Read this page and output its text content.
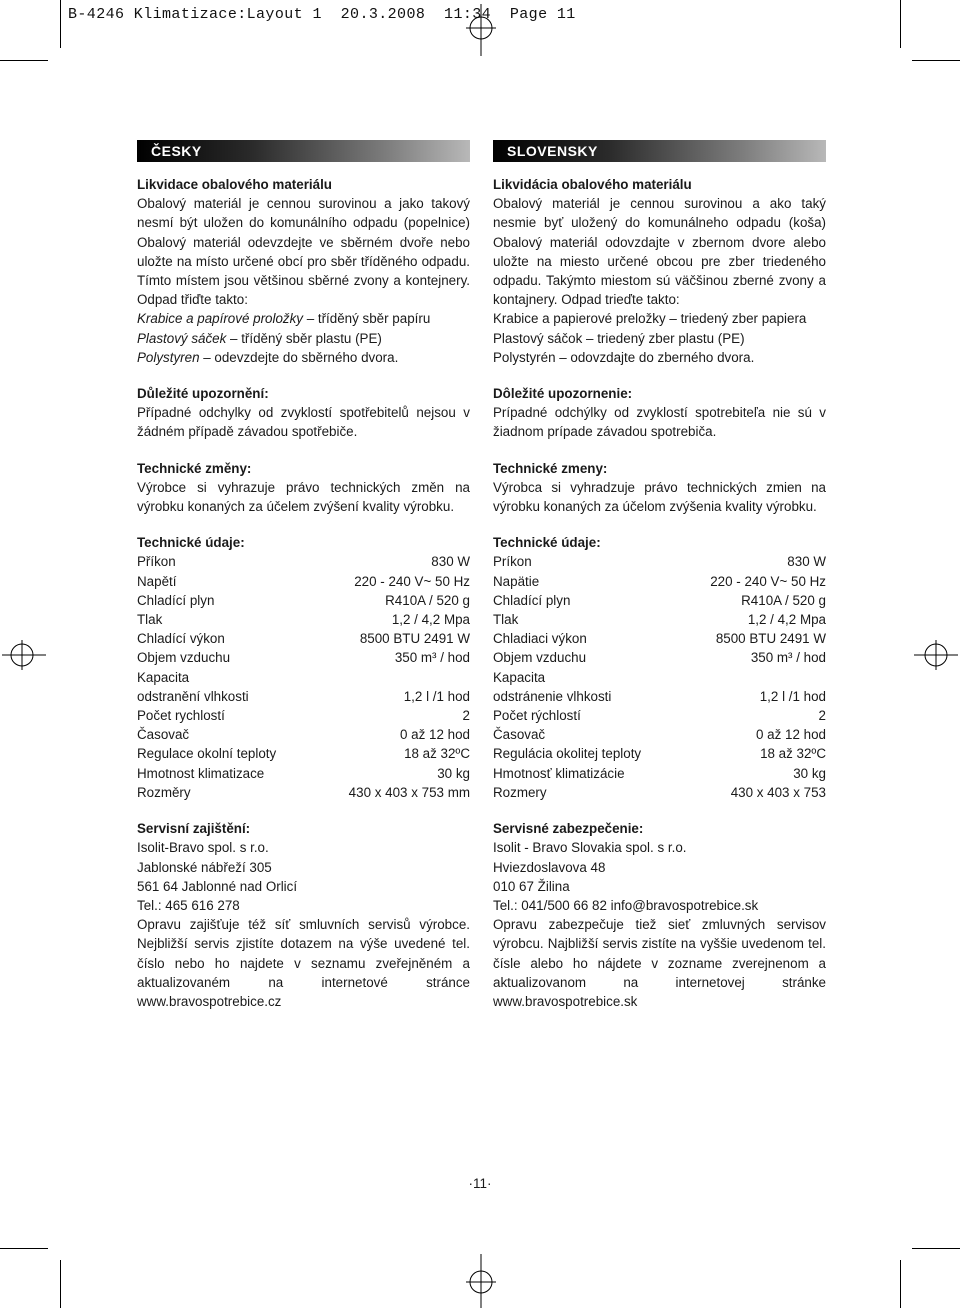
B-4246 Klimatizace:Layout 1  20.3.2008  11:34  Page 11
ČESKY
Likvidace obalového materiálu
Obalový materiál je cennou surovinou a jako takový nesmí být uložen do komunálního odpadu (popelnice) Obalový materiál odevzdejte ve sběrném dvoře nebo uložte na místo určené obcí pro sběr tříděného odpadu. Tímto místem jsou většinou sběrné zvony a kontejnery. Odpad třiďte takto:
Krabice a papírové proložky – tříděný sběr papíru
Plastový sáček – tříděný sběr plastu (PE)
Polystyren – odevzdejte do sběrného dvora.
Důležité upozornění:
Případné odchylky od zvyklostí spotřebitelů nejsou v žádném případě závadou spotřebiče.
Technické změny:
Výrobce si vyhrazuje právo technických změn na výrobku konaných za účelem zvýšení kvality výrobku.
Technické údaje:
Příkon	830 W
Napětí	220 - 240 V~ 50 Hz
Chladící plyn	R410A / 520 g
Tlak	1,2 / 4,2 Mpa
Chladící výkon	8500 BTU 2491 W
Objem vzduchu	350 m³ / hod
Kapacita
odstranění vlhkosti	1,2 l /1 hod
Počet rychlostí	2
Časovač	0 až 12 hod
Regulace okolní teploty	18 až 32ºC
Hmotnost klimatizace	30 kg
Rozměry	430 x 403 x 753 mm
Servisní zajištění:
Isolit-Bravo spol. s r.o.
Jablonské nábřeží 305
561 64 Jablonné nad Orlicí
Tel.: 465 616 278
Opravu zajišťuje též síť smluvních servisů výrobce. Nejbližší servis zjistíte dotazem na výše uvedené tel. číslo nebo ho najdete v seznamu zveřejněném a aktualizovaném na internetové stránce www.bravospotrebice.cz
SLOVENSKY
Likvidácia obalového materiálu
Obalový materiál je cennou surovinou a ako taký nesmie byť uložený do komunálneho odpadu (koša) Obalový materiál odovzdajte v zbernom dvore alebo uložte na miesto určené obcou pre zber triedeného odpadu. Takýmto miestom sú väčšinou zberné zvony a kontajnery. Odpad trieďte takto:
Krabice a papierové preložky – triedený zber papiera
Plastový sáčok – triedený zber plastu (PE)
Polystyrén – odovzdajte do zberného dvora.
Dôležité upozornenie:
Prípadné odchýlky od zvyklostí spotrebiteľa nie sú v žiadnom prípade závadou spotrebiča.
Technické zmeny:
Výrobca si vyhradzuje právo technických zmien na výrobku konaných za účelom zvýšenia kvality výrobku.
Technické údaje:
Príkon	830 W
Napätie	220 - 240 V~ 50 Hz
Chladící plyn	R410A / 520 g
Tlak	1,2 / 4,2 Mpa
Chladiaci výkon	8500 BTU 2491 W
Objem vzduchu	350 m³ / hod
Kapacita
odstránenie vlhkosti	1,2 l /1 hod
Počet rýchlostí	2
Časovač	0 až 12 hod
Regulácia okolitej teploty	18 až 32ºC
Hmotnosť klimatizácie	30 kg
Rozmery	430 x 403 x 753
Servisné zabezpečenie:
Isolit - Bravo Slovakia spol. s r.o.
Hviezdoslavova 48
010 67 Žilina
Tel.: 041/500 66 82 info@bravospotrebice.sk
Opravu zabezpečuje tiež sieť zmluvných servisov výrobcu. Najbližší servis zistíte na vyššie uvedenom tel. čísle alebo ho nájdete v zozname zverejnenom a aktualizovanom na internetovej stránke www.bravospotrebice.sk
·11·
